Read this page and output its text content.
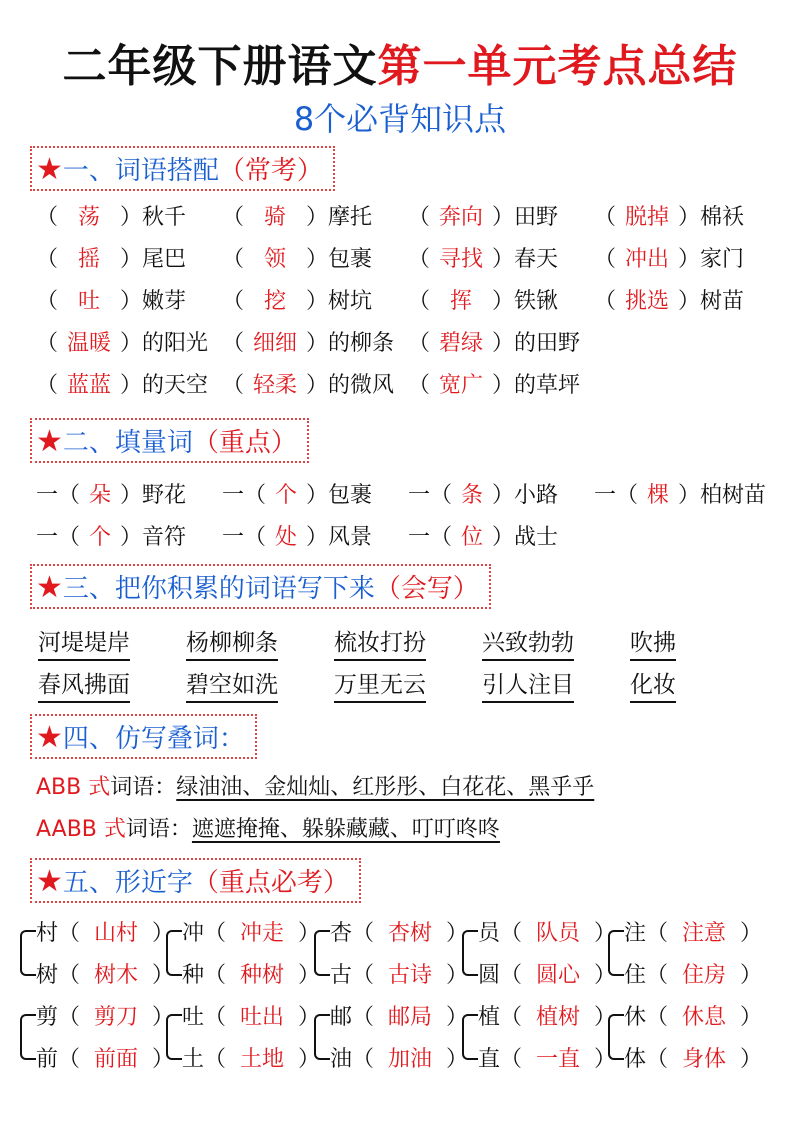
二年级下册语文第一单元考点总结
8个必背知识点
★一、词语搭配（常考）
★二、填量词（重点）
★三、把你积累的词语写下来（会写）
★四、仿写叠词：
★五、形近字（重点必考）
（ 荡 ）秋千 （ 骑 ）摩托 （ 奔向 ）田野 （ 脱掉 ）棉袄
（ 摇 ）尾巴 （ 领 ）包裹 （ 寻找 ）春天 （ 冲出 ）家门
（ 吐 ）嫩芽 （ 挖 ）树坑 （ 挥 ）铁锹 （ 挑选 ）树苗
（ 温暖 ）的阳光 （ 细细 ）的柳条 （ 碧绿 ）的田野
（ 蓝蓝 ）的天空 （ 轻柔 ）的微风 （ 宽广 ）的草坪
一（ 朵 ）野花 一（ 个 ）包裹 一（ 条 ）小路 一（ 棵 ）柏树苗
一（ 个 ）音符 一（ 处 ）风景 一（ 位 ）战士
河堤堤岸 杨柳柳条 梳妆打扮 兴致勃勃 吹拂
春风拂面 碧空如洗 万里无云 引人注目 化妆
ABB 式词语：绿油油、金灿灿、红彤彤、白花花、黑乎乎
AABB 式词语：遮遮掩掩、躲躲藏藏、叮叮咚咚
村（ 山村 ）
树（ 树木 ）
冲（ 冲走 ）
种（ 种树 ）
杏（ 杏树 ）
古（ 古诗 ）
员（ 队员 ）
圆（ 圆心 ）
注（ 注意 ）
住（ 住房 ）
剪（ 剪刀 ）
前（ 前面 ）
吐（ 吐出 ）
土（ 土地 ）
邮（ 邮局 ）
油（ 加油 ）
植（ 植树 ）
直（ 一直 ）
休（ 休息 ）
体（ 身体 ）
